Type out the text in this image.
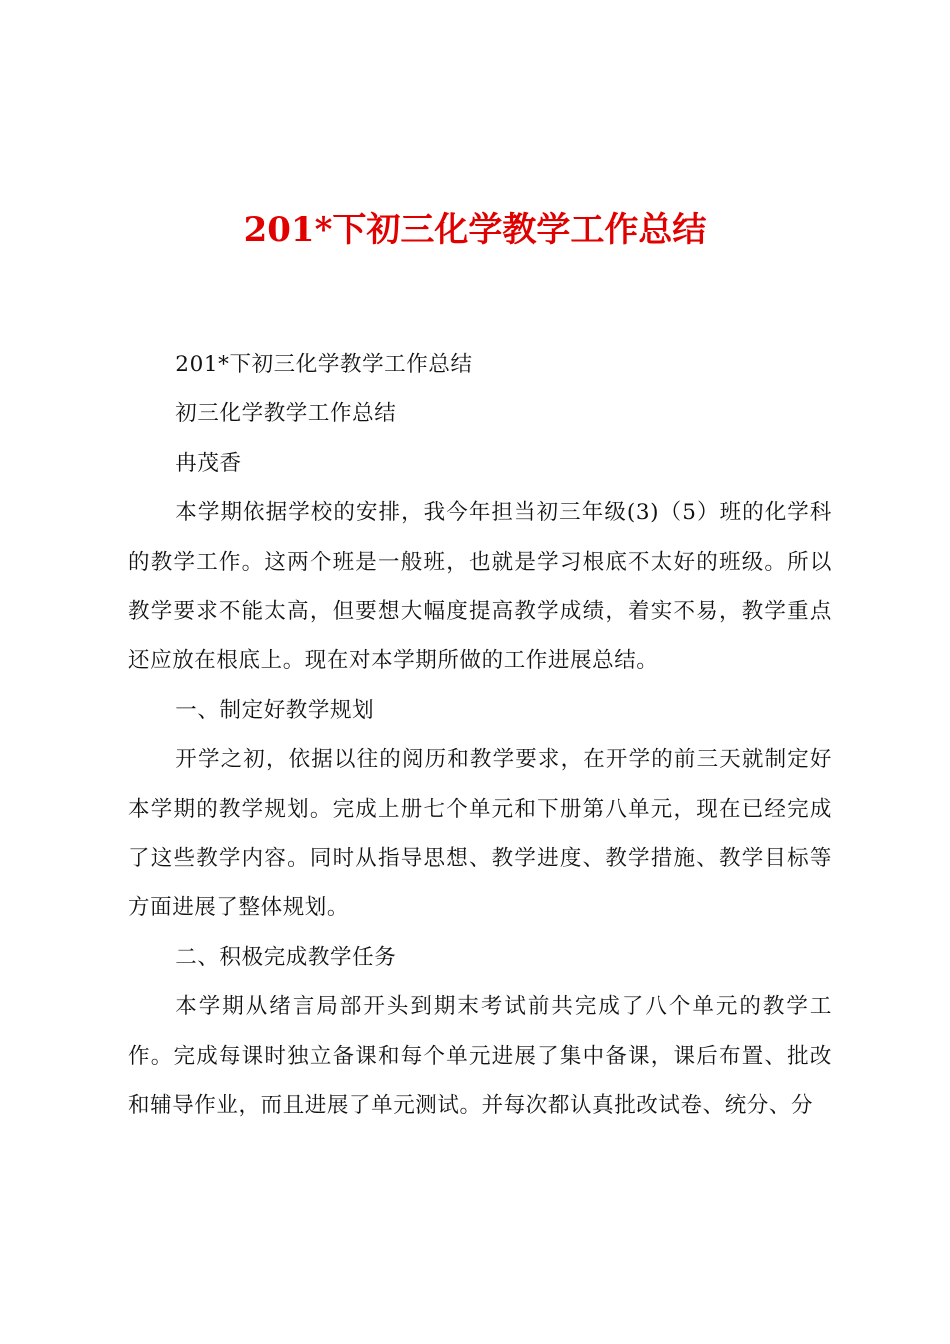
201*下初三化学教学工作总结

201*下初三化学教学工作总结

初三化学教学工作总结

冉茂香

本学期依据学校的安排，我今年担当初三年级(3)（5）班的化学科的教学工作。这两个班是一般班，也就是学习根底不太好的班级。所以教学要求不能太高，但要想大幅度提高教学成绩，着实不易，教学重点还应放在根底上。现在对本学期所做的工作进展总结。

一、制定好教学规划

开学之初，依据以往的阅历和教学要求，在开学的前三天就制定好本学期的教学规划。完成上册七个单元和下册第八单元，现在已经完成了这些教学内容。同时从指导思想、教学进度、教学措施、教学目标等方面进展了整体规划。

二、积极完成教学任务

本学期从绪言局部开头到期末考试前共完成了八个单元的教学工作。完成每课时独立备课和每个单元进展了集中备课，课后布置、批改和辅导作业，而且进展了单元测试。并每次都认真批改试卷、统分、分
